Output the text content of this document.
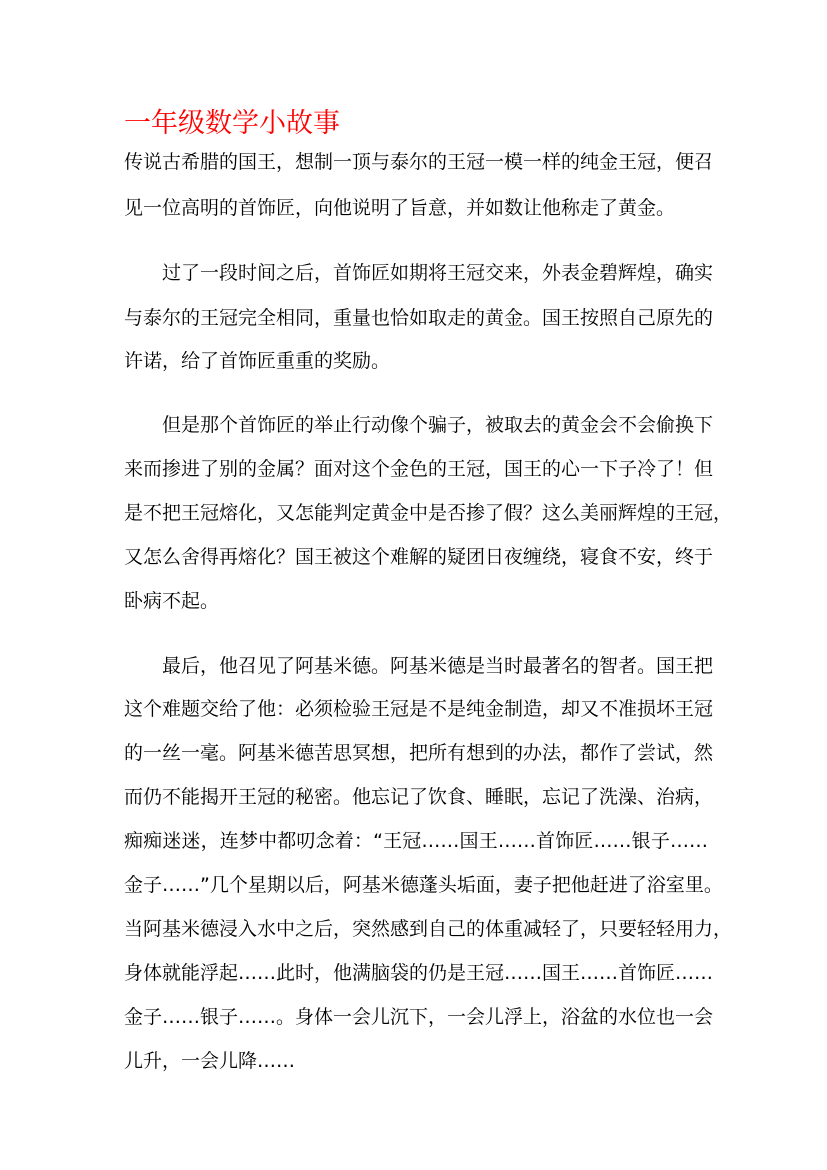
一年级数学小故事
传说古希腊的国王，想制一顶与泰尔的王冠一模一样的纯金王冠，便召
见一位高明的首饰匠，向他说明了旨意，并如数让他称走了黄金。
过了一段时间之后，首饰匠如期将王冠交来，外表金碧辉煌，确实
与泰尔的王冠完全相同，重量也恰如取走的黄金。国王按照自己原先的
许诺，给了首饰匠重重的奖励。
但是那个首饰匠的举止行动像个骗子，被取去的黄金会不会偷换下
来而掺进了别的金属？面对这个金色的王冠，国王的心一下子冷了！但
是不把王冠熔化，又怎能判定黄金中是否掺了假？这么美丽辉煌的王冠，
又怎么舍得再熔化？国王被这个难解的疑团日夜缠绕，寝食不安，终于
卧病不起。
最后，他召见了阿基米德。阿基米德是当时最著名的智者。国王把
这个难题交给了他：必须检验王冠是不是纯金制造，却又不准损坏王冠
的一丝一毫。阿基米德苦思冥想，把所有想到的办法，都作了尝试，然
而仍不能揭开王冠的秘密。他忘记了饮食、睡眠，忘记了洗澡、治病，
痴痴迷迷，连梦中都叨念着：“王冠……国王……首饰匠……银子……
金子……”几个星期以后，阿基米德蓬头垢面，妻子把他赶进了浴室里。
当阿基米德浸入水中之后，突然感到自己的体重减轻了，只要轻轻用力，
身体就能浮起……此时，他满脑袋的仍是王冠……国王……首饰匠……
金子……银子……。身体一会儿沉下，一会儿浮上，浴盆的水位也一会
儿升，一会儿降……
